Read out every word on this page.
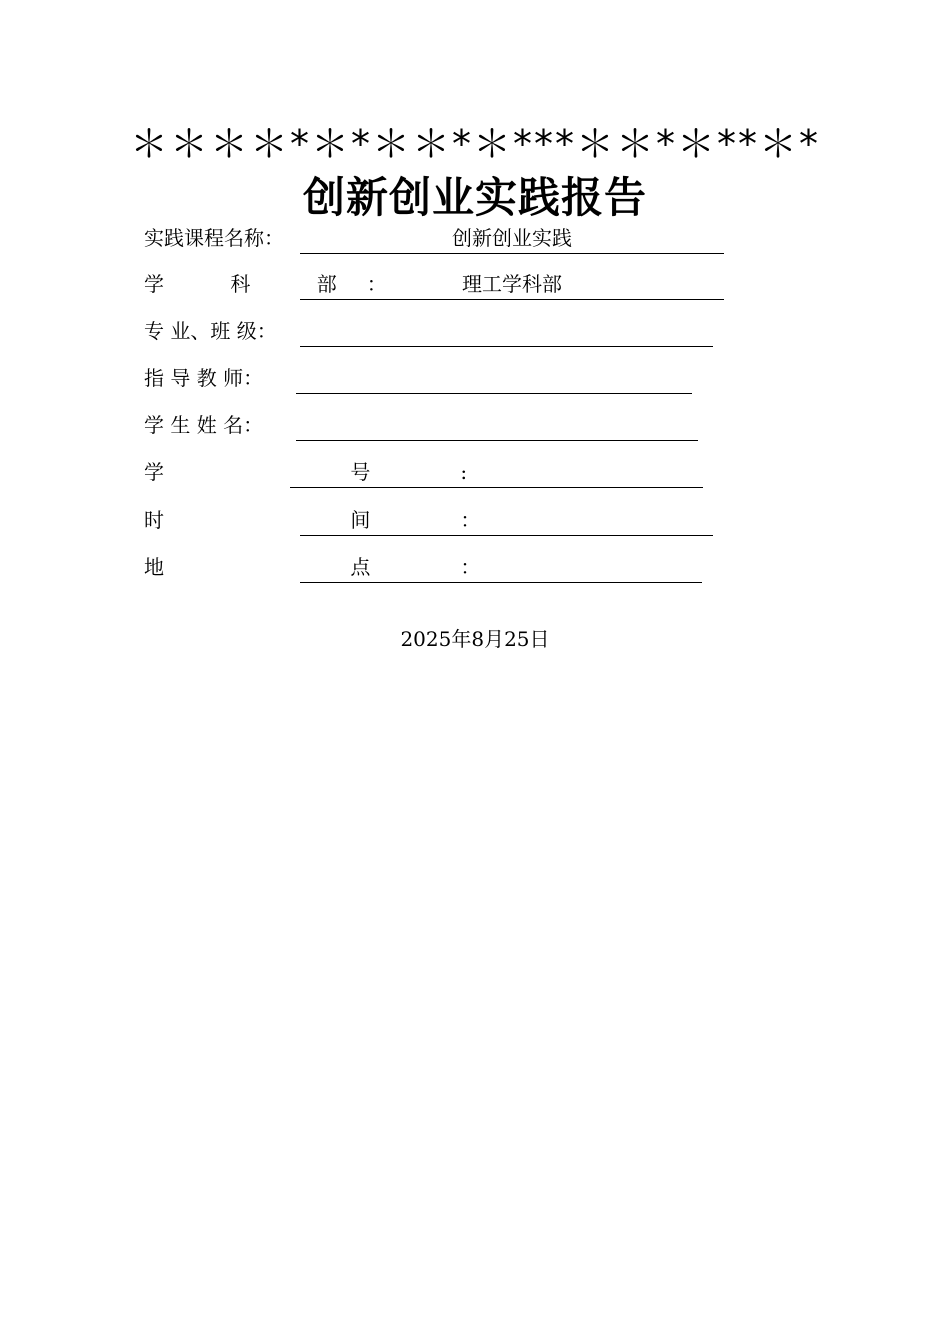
＊＊＊＊*＊*＊＊*＊***＊＊*＊**＊*
创新创业实践报告
实践课程名称：	创新创业实践
学 科 部：	理工学科部
专 业、班 级：
指 导 教 师：
学 生 姓 名：
学 号:
时 间：
地 点：
2025年8月25日
